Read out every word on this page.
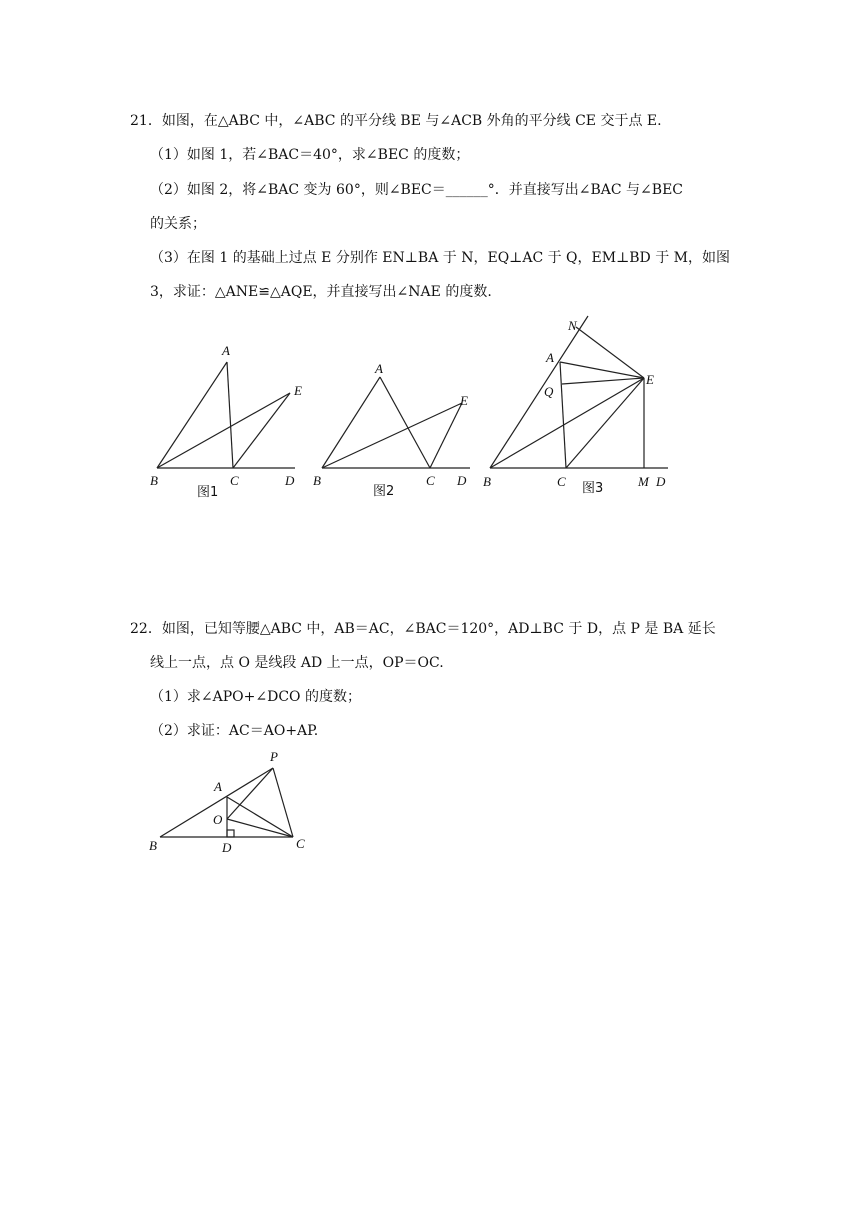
21．如图，在△ABC 中，∠ABC 的平分线 BE 与∠ACB 外角的平分线 CE 交于点 E.
（1）如图 1，若∠BAC＝40°，求∠BEC 的度数；
（2）如图 2，将∠BAC 变为 60°，则∠BEC＝______°．并直接写出∠BAC 与∠BEC
的关系；
（3）在图 1 的基础上过点 E 分别作 EN⊥BA 于 N，EQ⊥AC 于 Q，EM⊥BD 于 M，如图
3，求证：△ANE≌△AQE，并直接写出∠NAE 的度数.
A
B	C	D
E
图1
A
B	C D
E
图2
N
A
Q
E
B	C	M D
图3
22．如图，已知等腰△ABC 中，AB＝AC，∠BAC＝120°，AD⊥BC 于 D，点 P 是 BA 延长
线上一点，点 O 是线段 AD 上一点，OP＝OC.
（1）求∠APO+∠DCO 的度数；
（2）求证：AC＝AO+AP.
P
A
O
B	D	C
